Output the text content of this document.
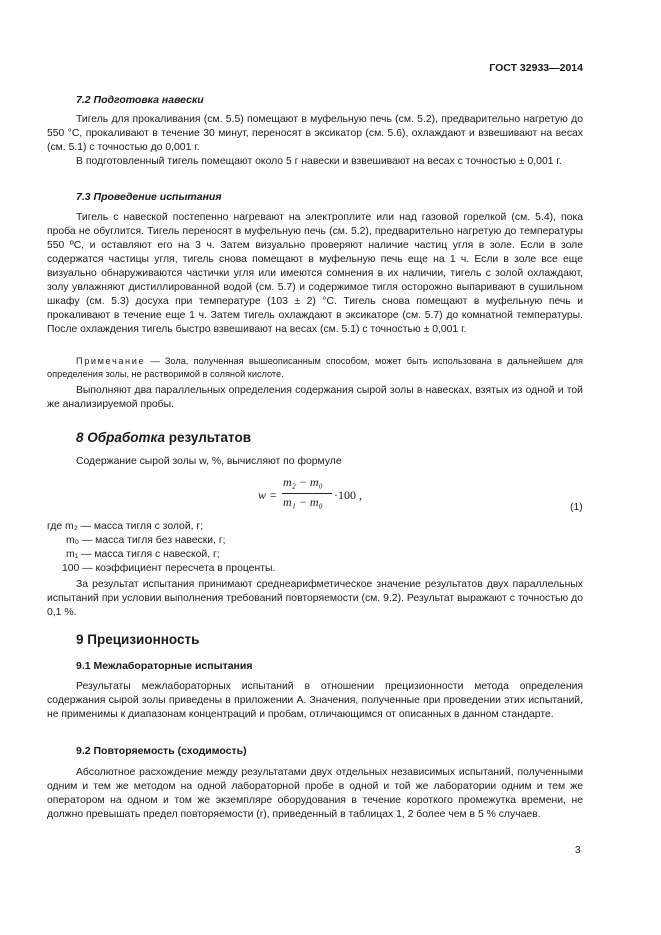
ГОСТ 32933—2014
7.2 Подготовка навески

Тигель для прокаливания (см. 5.5) помещают в муфельную печь (см. 5.2), предварительно нагретую до 550 °С, прокаливают в течение 30 минут, переносят в эксикатор (см. 5.6), охлаждают и взвешивают на весах (см. 5.1) с точностью до 0,001 г.

В подготовленный тигель помещают около 5 г навески и взвешивают на весах с точностью ± 0,001 г.

7.3 Проведение испытания

Тигель с навеской постепенно нагревают на электроплите или над газовой горелкой (см. 5.4), пока проба не обуглится. Тигель переносят в муфельную печь (см. 5.2), предварительно нагретую до температуры 550 ºС, и оставляют его на 3 ч. Затем визуально проверяют наличие частиц угля в золе. Если в золе содержатся частицы угля, тигель снова помещают в муфельную печь еще на 1 ч. Если в золе все еще визуально обнаруживаются частички угля или имеются сомнения в их наличии, тигель с золой охлаждают, золу увлажняют дистиллированной водой (см. 5.7) и содержимое тигля осторожно выпаривают в сушильном шкафу (см. 5.3) досуха при температуре (103 ± 2) °С. Тигель снова помещают в муфельную печь и прокаливают в течение еще 1 ч. Затем тигель охлаждают в эксикаторе (см. 5.7) до комнатной температуры. После охлаждения тигель быстро взвешивают на весах (см. 5.1) с точностью ± 0,001 г.

Примечание — Зола, полученная вышеописанным способом, может быть использована в дальнейшем для определения золы, не растворимой в соляной кислоте.

Выполняют два параллельных определения содержания сырой золы в навесках, взятых из одной и той же анализируемой пробы.

8 Обработка результатов

Содержание сырой золы w, %, вычисляют по формуле

w =
m₂ − m₀
m₁ − m₀ ·100 ,
(1)
где m₂ — масса тигля с золой, г;
m₀ — масса тигля без навески, г;
m₁ — масса тигля с навеской, г;
100 — коэффициент пересчета в проценты.

За результат испытания принимают среднеарифметическое значение результатов двух параллельных испытаний при условии выполнения требований повторяемости (см. 9.2). Результат выражают с точностью до 0,1 %.

9 Прецизионность
9.1 Межлабораторные испытания

Результаты межлабораторных испытаний в отношении прецизионности метода определения содержания сырой золы приведены в приложении А. Значения, полученные при проведении этих испытаний, не применимы к диапазонам концентраций и пробам, отличающимся от описанных в данном стандарте.

9.2 Повторяемость (сходимость)

Абсолютное расхождение между результатами двух отдельных независимых испытаний, полученными одним и тем же методом на одной лабораторной пробе в одной и той же лаборатории одним и тем же оператором на одном и том же экземпляре оборудования в течение короткого промежутка времени, не должно превышать предел повторяемости (r), приведенный в таблицах 1, 2 более чем в 5 % случаев.

3
